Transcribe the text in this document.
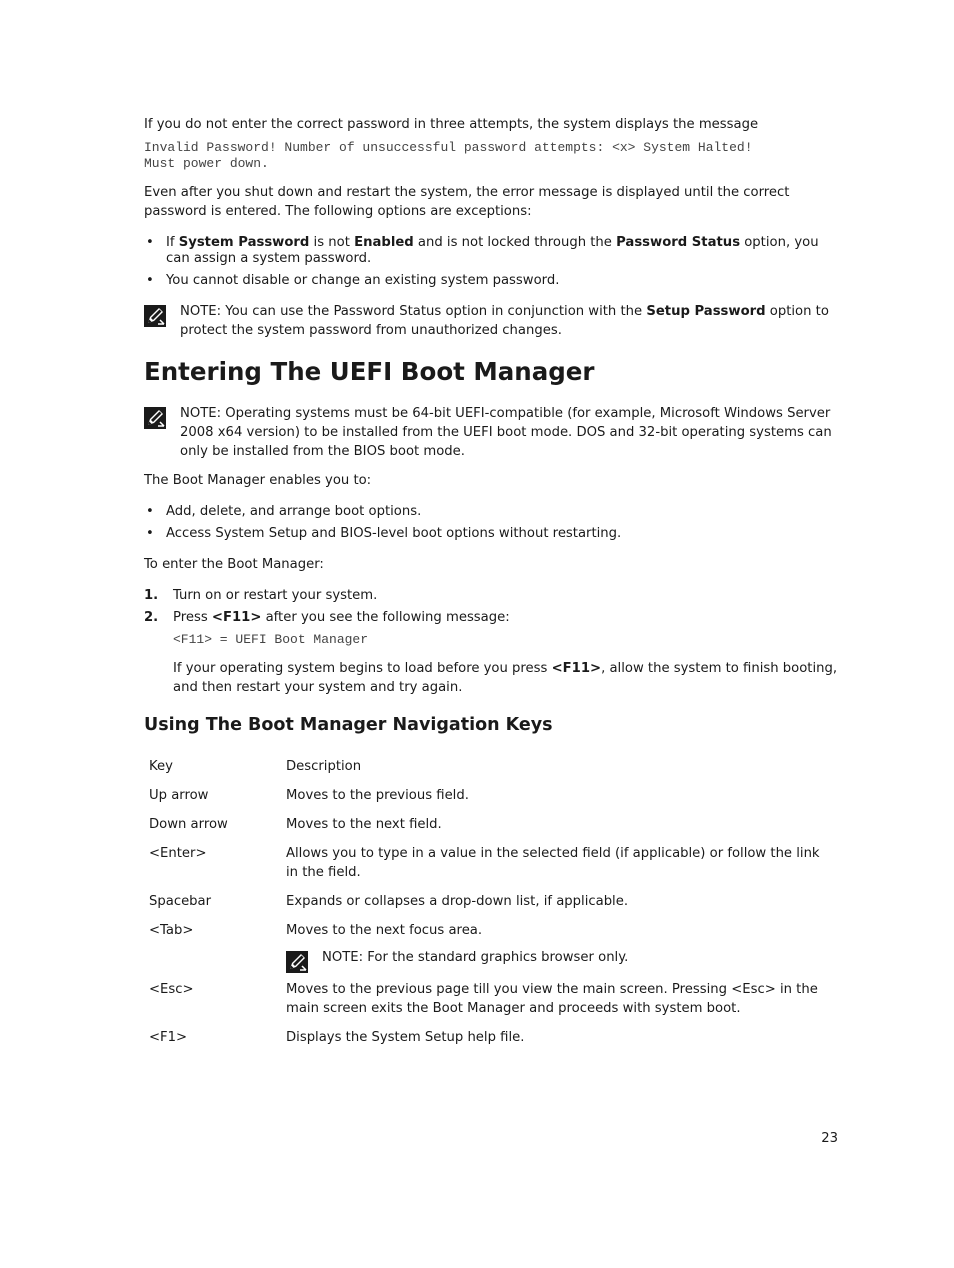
If you do not enter the correct password in three attempts, the system displays the message

Invalid Password! Number of unsuccessful password attempts: <x> System Halted!

Must power down.

Even after you shut down and restart the system, the error message is displayed until the correct password is entered. The following options are exceptions:

• If System Password is not Enabled and is not locked through the Password Status option, you can assign a system password.
• You cannot disable or change an existing system password.
NOTE: You can use the Password Status option in conjunction with the Setup Password option to protect the system password from unauthorized changes.
Entering The UEFI Boot Manager
NOTE: Operating systems must be 64-bit UEFI-compatible (for example, Microsoft Windows Server 2008 x64 version) to be installed from the UEFI boot mode. DOS and 32-bit operating systems can only be installed from the BIOS boot mode.

The Boot Manager enables you to:

• Add, delete, and arrange boot options.
• Access System Setup and BIOS-level boot options without restarting.

To enter the Boot Manager:

1. Turn on or restart your system.
2. Press <F11> after you see the following message:
<F11> = UEFI Boot Manager

If your operating system begins to load before you press <F11>, allow the system to finish booting, and then restart your system and try again.

Using The Boot Manager Navigation Keys
Key	Description
Up arrow	Moves to the previous field.
Down arrow	Moves to the next field.
<Enter>	Allows you to type in a value in the selected field (if applicable) or follow the link in the field.
Spacebar	Expands or collapses a drop-down list, if applicable.
<Tab>	Moves to the next focus area.
NOTE: For the standard graphics browser only.

<Esc>	Moves to the previous page till you view the main screen. Pressing <Esc> in the main screen exits the Boot Manager and proceeds with system boot.
<F1>	Displays the System Setup help file.
23
